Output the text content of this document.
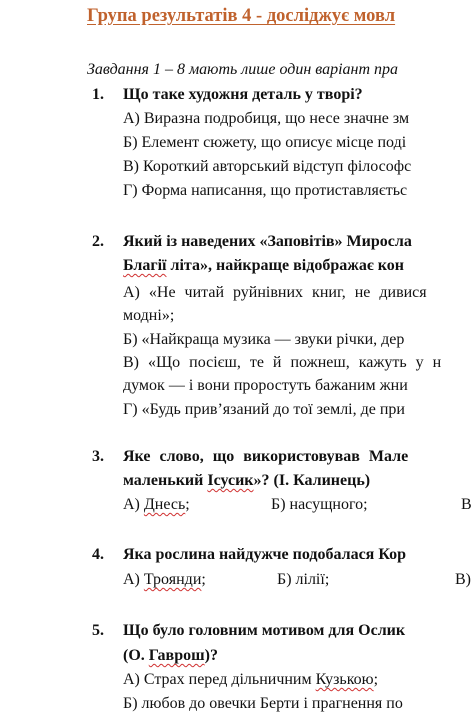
Група результатів 4 - досліджує мовл
Завдання 1 – 8 мають лише один варіант пра
1. Що таке художня деталь у творі?
А) Виразна подробиця, що несе значне зм
Б) Елемент сюжету, що описує місце поді
В) Короткий авторський відступ філософс
Г) Форма написання, що протиставляєтьс
2. Який із наведених «Заповітів» Миросла
Благії літа», найкраще відображає кон
А) «Не читай руйнівних книг, не дивися
модні»;
Б) «Найкраща музика — звуки річки, дер
В) «Що посієш, те й пожнеш, кажуть у н
думок — і вони проростуть бажаним жни
Г) «Будь прив’язаний до тої землі, де при
3. Яке слово, що використовував Мале
маленький Ісусик»? (І. Калинець)
А) Днесь;	Б) насущного;	В
4. Яка рослина найдужче подобалася Кор
А) Троянди;	Б) лілії;	В)
5. Що було головним мотивом для Ослик
(О. Гаврош)?
А) Страх перед дільничним Кузькою;
Б) любов до овечки Берти і прагнення по
